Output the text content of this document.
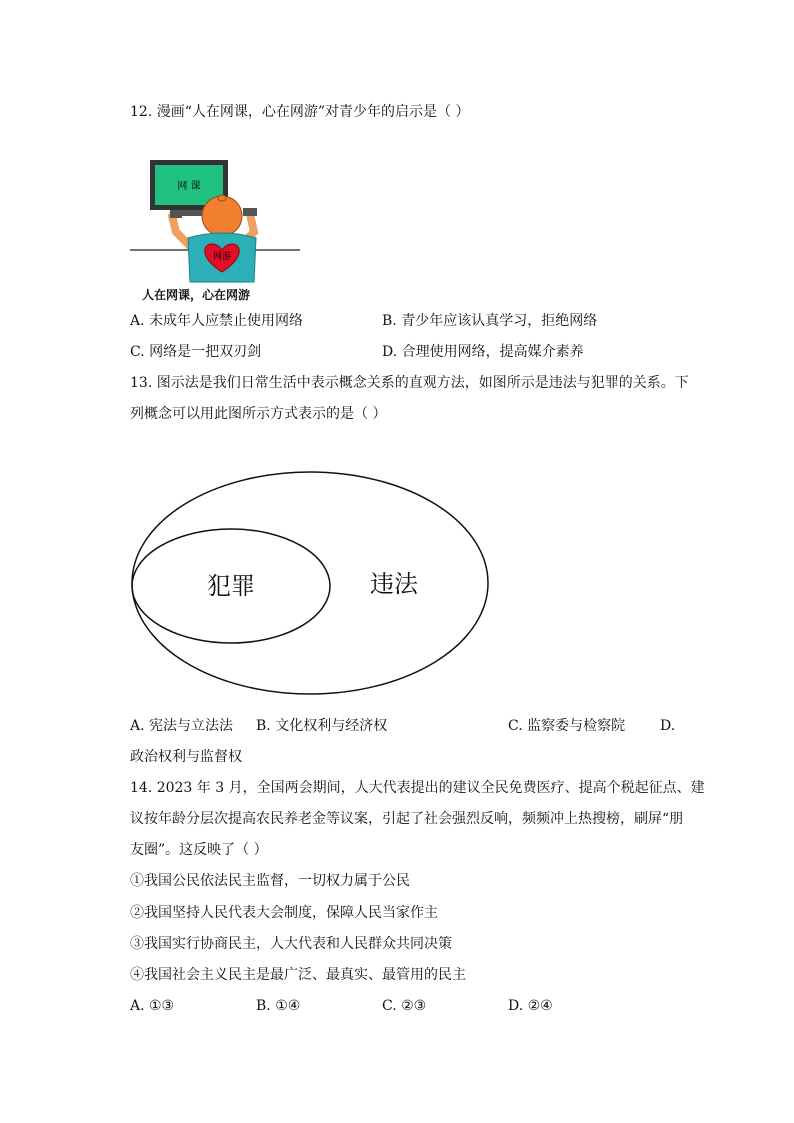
12. 漫画“人在网课，心在网游”对青少年的启示是（ ）
网 课
网游
人在网课，心在网游
A. 未成年人应禁止使用网络	B. 青少年应该认真学习，拒绝网络
C. 网络是一把双刃剑	D. 合理使用网络，提高媒介素养
13. 图示法是我们日常生活中表示概念关系的直观方法，如图所示是违法与犯罪的关系。下
列概念可以用此图所示方式表示的是（ ）
犯罪	违法
A. 宪法与立法法 B. 文化权利与经济权	C. 监察委与检察院 D.
政治权利与监督权
14. 2023 年 3 月，全国两会期间，人大代表提出的建议全民免费医疗、提高个税起征点、建
议按年龄分层次提高农民养老金等议案，引起了社会强烈反响，频频冲上热搜榜，刷屏“朋
友圈”。这反映了（ ）
①我国公民依法民主监督，一切权力属于公民
②我国坚持人民代表大会制度，保障人民当家作主
③我国实行协商民主，人大代表和人民群众共同决策
④我国社会主义民主是最广泛、最真实、最管用的民主
A. ①③	B. ①④	C. ②③	D. ②④
